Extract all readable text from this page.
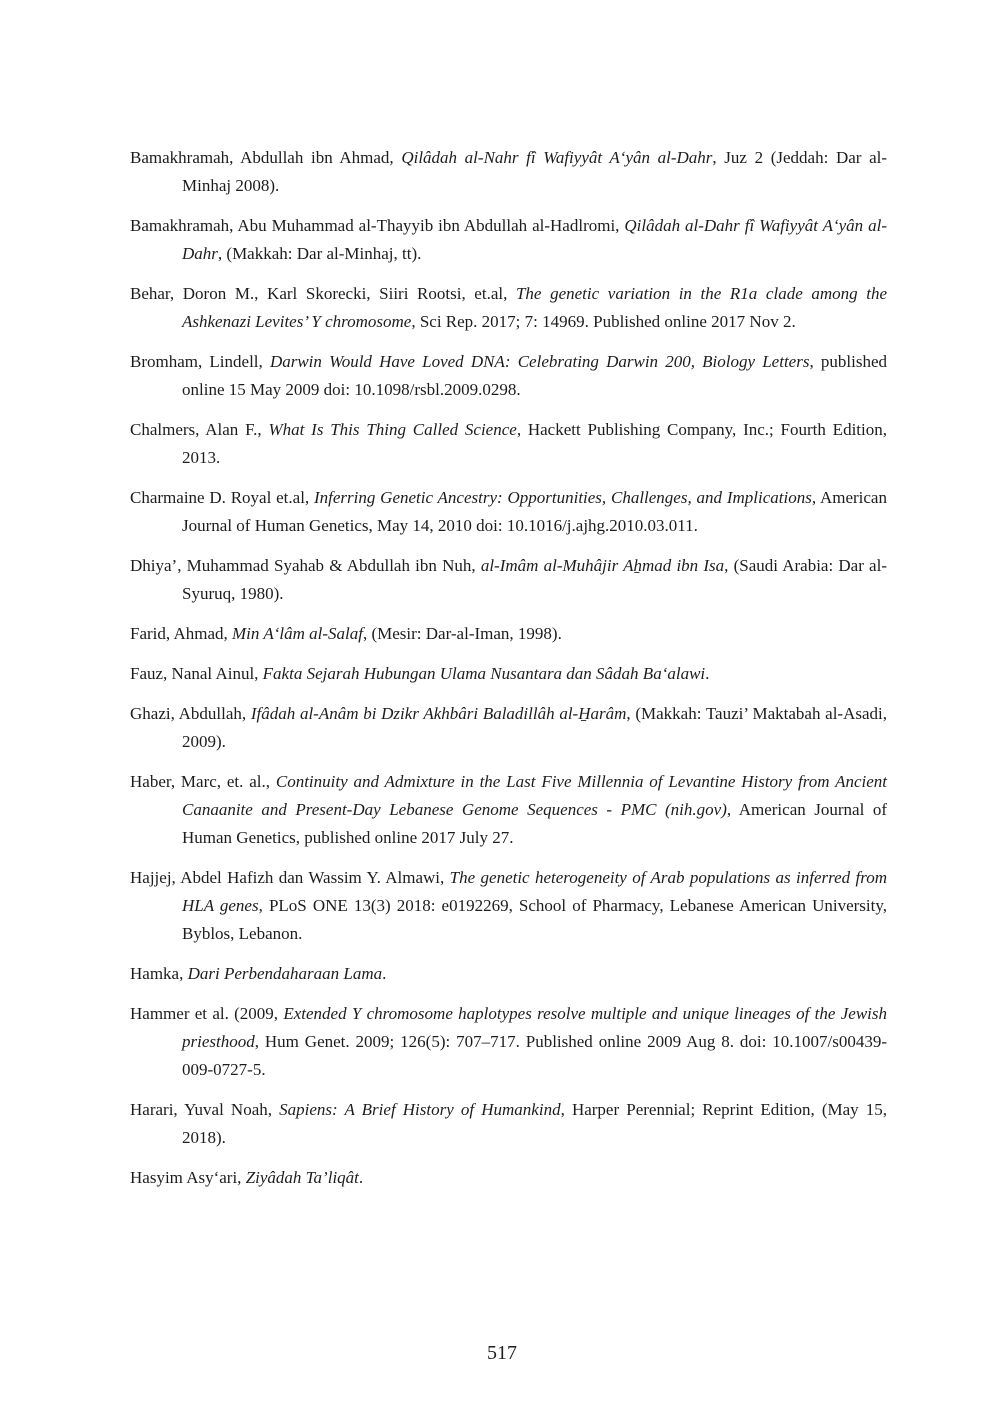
Bamakhramah, Abdullah ibn Ahmad, Qilâdah al-Nahr fî Wafiyyât A‘yân al-Dahr, Juz 2 (Jeddah: Dar al-Minhaj 2008).

Bamakhramah, Abu Muhammad al-Thayyib ibn Abdullah al-Hadlromi, Qilâdah al-Dahr fî Wafiyyât A‘yân al-Dahr, (Makkah: Dar al-Minhaj, tt).

Behar, Doron M., Karl Skorecki, Siiri Rootsi, et.al, The genetic variation in the R1a clade among the Ashkenazi Levites’ Y chromosome, Sci Rep. 2017; 7: 14969. Published online 2017 Nov 2.

Bromham, Lindell, Darwin Would Have Loved DNA: Celebrating Darwin 200, Biology Letters, published online 15 May 2009 doi: 10.1098/rsbl.2009.0298.

Chalmers, Alan F., What Is This Thing Called Science, Hackett Publishing Company, Inc.; Fourth Edition, 2013.

Charmaine D. Royal et.al, Inferring Genetic Ancestry: Opportunities, Challenges, and Implications, American Journal of Human Genetics, May 14, 2010 doi: 10.1016/j.ajhg.2010.03.011.

Dhiya’, Muhammad Syahab & Abdullah ibn Nuh, al-Imâm al-Muhâjir Aẖmad ibn Isa, (Saudi Arabia: Dar al-Syuruq, 1980).

Farid, Ahmad, Min A‘lâm al-Salaf, (Mesir: Dar-al-Iman, 1998).

Fauz, Nanal Ainul, Fakta Sejarah Hubungan Ulama Nusantara dan Sâdah Ba‘alawi.

Ghazi, Abdullah, Ifâdah al-Anâm bi Dzikr Akhbâri Baladillâh al-H̱arâm, (Makkah: Tauzi’ Maktabah al-Asadi, 2009).

Haber, Marc, et. al., Continuity and Admixture in the Last Five Millennia of Levantine History from Ancient Canaanite and Present-Day Lebanese Genome Sequences - PMC (nih.gov), American Journal of Human Genetics, published online 2017 July 27.

Hajjej, Abdel Hafizh dan Wassim Y. Almawi, The genetic heterogeneity of Arab populations as inferred from HLA genes, PLoS ONE 13(3) 2018: e0192269, School of Pharmacy, Lebanese American University, Byblos, Lebanon.

Hamka, Dari Perbendaharaan Lama.

Hammer et al. (2009, Extended Y chromosome haplotypes resolve multiple and unique lineages of the Jewish priesthood, Hum Genet. 2009; 126(5): 707–717. Published online 2009 Aug 8. doi: 10.1007/s00439-009-0727-5.

Harari, Yuval Noah, Sapiens: A Brief History of Humankind, Harper Perennial; Reprint Edition, (May 15, 2018).

Hasyim Asy‘ari, Ziyâdah Ta’liqât.

517
